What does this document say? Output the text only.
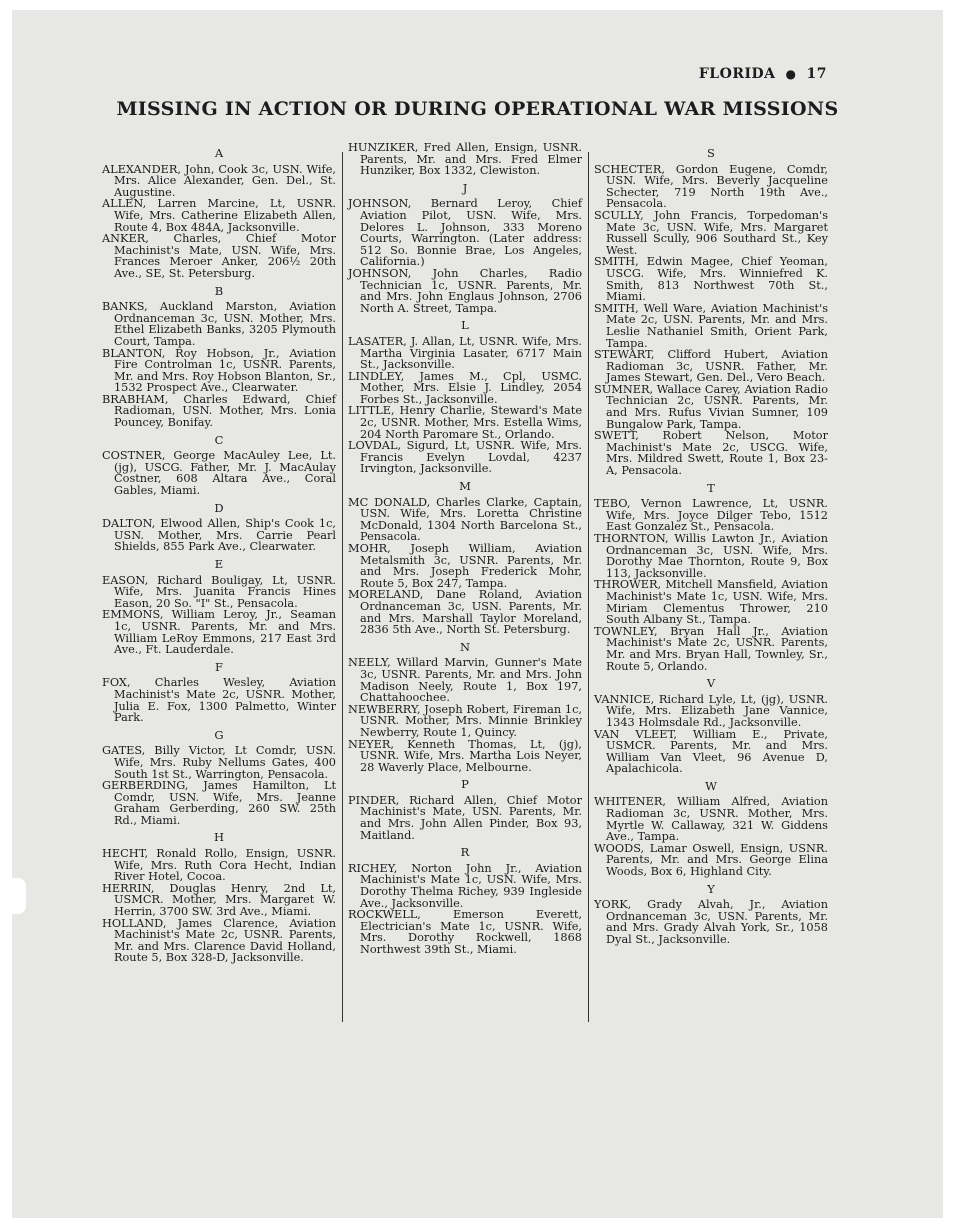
FLORIDA ● 17
MISSING IN ACTION OR DURING OPERATIONAL WAR MISSIONS
A

ALEXANDER, John, Cook 3c, USN. Wife, Mrs. Alice Alexander, Gen. Del., St. Augustine.

ALLEN, Larren Marcine, Lt, USNR. Wife, Mrs. Catherine Elizabeth Allen, Route 4, Box 484A, Jacksonville.

ANKER, Charles, Chief Motor Machinist's Mate, USN. Wife, Mrs. Frances Meroer Anker, 206½ 20th Ave., SE, St. Petersburg.

B

BANKS, Auckland Marston, Aviation Ordnanceman 3c, USN. Mother, Mrs. Ethel Elizabeth Banks, 3205 Plymouth Court, Tampa.

BLANTON, Roy Hobson, Jr., Aviation Fire Controlman 1c, USNR. Parents, Mr. and Mrs. Roy Hobson Blanton, Sr., 1532 Prospect Ave., Clearwater.

BRABHAM, Charles Edward, Chief Radioman, USN. Mother, Mrs. Lonia Pouncey, Bonifay.

C

COSTNER, George MacAuley Lee, Lt. (jg), USCG. Father, Mr. J. MacAulay Costner, 608 Altara Ave., Coral Gables, Miami.

D

DALTON, Elwood Allen, Ship's Cook 1c, USN. Mother, Mrs. Carrie Pearl Shields, 855 Park Ave., Clearwater.

E

EASON, Richard Bouligay, Lt, USNR. Wife, Mrs. Juanita Francis Hines Eason, 20 So. "I" St., Pensacola.

EMMONS, William Leroy, Jr., Seaman 1c, USNR. Parents, Mr. and Mrs. William LeRoy Emmons, 217 East 3rd Ave., Ft. Lauderdale.

F

FOX, Charles Wesley, Aviation Machinist's Mate 2c, USNR. Mother, Julia E. Fox, 1300 Palmetto, Winter Park.

G

GATES, Billy Victor, Lt Comdr, USN. Wife, Mrs. Ruby Nellums Gates, 400 South 1st St., Warrington, Pensacola.

GERBERDING, James Hamilton, Lt Comdr, USN. Wife, Mrs. Jeanne Graham Gerberding, 260 SW. 25th Rd., Miami.

H

HECHT, Ronald Rollo, Ensign, USNR. Wife, Mrs. Ruth Cora Hecht, Indian River Hotel, Cocoa.

HERRIN, Douglas Henry, 2nd Lt, USMCR. Mother, Mrs. Margaret W. Herrin, 3700 SW. 3rd Ave., Miami.

HOLLAND, James Clarence, Aviation Machinist's Mate 2c, USNR. Parents, Mr. and Mrs. Clarence David Holland, Route 5, Box 328-D, Jacksonville.

HUNZIKER, Fred Allen, Ensign, USNR. Parents, Mr. and Mrs. Fred Elmer Hunziker, Box 1332, Clewiston.

J

JOHNSON, Bernard Leroy, Chief Aviation Pilot, USN. Wife, Mrs. Delores L. Johnson, 333 Moreno Courts, Warrington. (Later address: 512 So. Bonnie Brae, Los Angeles, California.)

JOHNSON, John Charles, Radio Technician 1c, USNR. Parents, Mr. and Mrs. John Englaus Johnson, 2706 North A. Street, Tampa.

L

LASATER, J. Allan, Lt, USNR. Wife, Mrs. Martha Virginia Lasater, 6717 Main St., Jacksonville.

LINDLEY, James M., Cpl, USMC. Mother, Mrs. Elsie J. Lindley, 2054 Forbes St., Jacksonville.

LITTLE, Henry Charlie, Steward's Mate 2c, USNR. Mother, Mrs. Estella Wims, 204 North Paromare St., Orlando.

LOVDAL, Sigurd, Lt, USNR. Wife, Mrs. Francis Evelyn Lovdal, 4237 Irvington, Jacksonville.

M

MC DONALD, Charles Clarke, Captain, USN. Wife, Mrs. Loretta Christine McDonald, 1304 North Barcelona St., Pensacola.

MOHR, Joseph William, Aviation Metalsmith 3c, USNR. Parents, Mr. and Mrs. Joseph Frederick Mohr, Route 5, Box 247, Tampa.

MORELAND, Dane Roland, Aviation Ordnanceman 3c, USN. Parents, Mr. and Mrs. Marshall Taylor Moreland, 2836 5th Ave., North St. Petersburg.

N

NEELY, Willard Marvin, Gunner's Mate 3c, USNR. Parents, Mr. and Mrs. John Madison Neely, Route 1, Box 197, Chattahoochee.

NEWBERRY, Joseph Robert, Fireman 1c, USNR. Mother, Mrs. Minnie Brinkley Newberry, Route 1, Quincy.

NEYER, Kenneth Thomas, Lt, (jg), USNR. Wife, Mrs. Martha Lois Neyer, 28 Waverly Place, Melbourne.

P

PINDER, Richard Allen, Chief Motor Machinist's Mate, USN. Parents, Mr. and Mrs. John Allen Pinder, Box 93, Maitland.

R

RICHEY, Norton John Jr., Aviation Machinist's Mate 1c, USN. Wife, Mrs. Dorothy Thelma Richey, 939 Ingleside Ave., Jacksonville.

ROCKWELL, Emerson Everett, Electrician's Mate 1c, USNR. Wife, Mrs. Dorothy Rockwell, 1868 Northwest 39th St., Miami.

S

SCHECTER, Gordon Eugene, Comdr, USN. Wife, Mrs. Beverly Jacqueline Schecter, 719 North 19th Ave., Pensacola.

SCULLY, John Francis, Torpedoman's Mate 3c, USN. Wife, Mrs. Margaret Russell Scully, 906 Southard St., Key West.

SMITH, Edwin Magee, Chief Yeoman, USCG. Wife, Mrs. Winniefred K. Smith, 813 Northwest 70th St., Miami.

SMITH, Well Ware, Aviation Machinist's Mate 2c, USN. Parents, Mr. and Mrs. Leslie Nathaniel Smith, Orient Park, Tampa.

STEWART, Clifford Hubert, Aviation Radioman 3c, USNR. Father, Mr. James Stewart, Gen. Del., Vero Beach.

SUMNER, Wallace Carey, Aviation Radio Technician 2c, USNR. Parents, Mr. and Mrs. Rufus Vivian Sumner, 109 Bungalow Park, Tampa.

SWETT, Robert Nelson, Motor Machinist's Mate 2c, USCG. Wife, Mrs. Mildred Swett, Route 1, Box 23-A, Pensacola.

T

TEBO, Vernon Lawrence, Lt, USNR. Wife, Mrs. Joyce Dilger Tebo, 1512 East Gonzalez St., Pensacola.

THORNTON, Willis Lawton Jr., Aviation Ordnanceman 3c, USN. Wife, Mrs. Dorothy Mae Thornton, Route 9, Box 113, Jacksonville.

THROWER, Mitchell Mansfield, Aviation Machinist's Mate 1c, USN. Wife, Mrs. Miriam Clementus Thrower, 210 South Albany St., Tampa.

TOWNLEY, Bryan Hall Jr., Aviation Machinist's Mate 2c, USNR. Parents, Mr. and Mrs. Bryan Hall, Townley, Sr., Route 5, Orlando.

V

VANNICE, Richard Lyle, Lt, (jg), USNR. Wife, Mrs. Elizabeth Jane Vannice, 1343 Holmsdale Rd., Jacksonville.

VAN VLEET, William E., Private, USMCR. Parents, Mr. and Mrs. William Van Vleet, 96 Avenue D, Apalachicola.

W

WHITENER, William Alfred, Aviation Radioman 3c, USNR. Mother, Mrs. Myrtle W. Callaway, 321 W. Giddens Ave., Tampa.

WOODS, Lamar Oswell, Ensign, USNR. Parents, Mr. and Mrs. George Elina Woods, Box 6, Highland City.

Y

YORK, Grady Alvah, Jr., Aviation Ordnanceman 3c, USN. Parents, Mr. and Mrs. Grady Alvah York, Sr., 1058 Dyal St., Jacksonville.
